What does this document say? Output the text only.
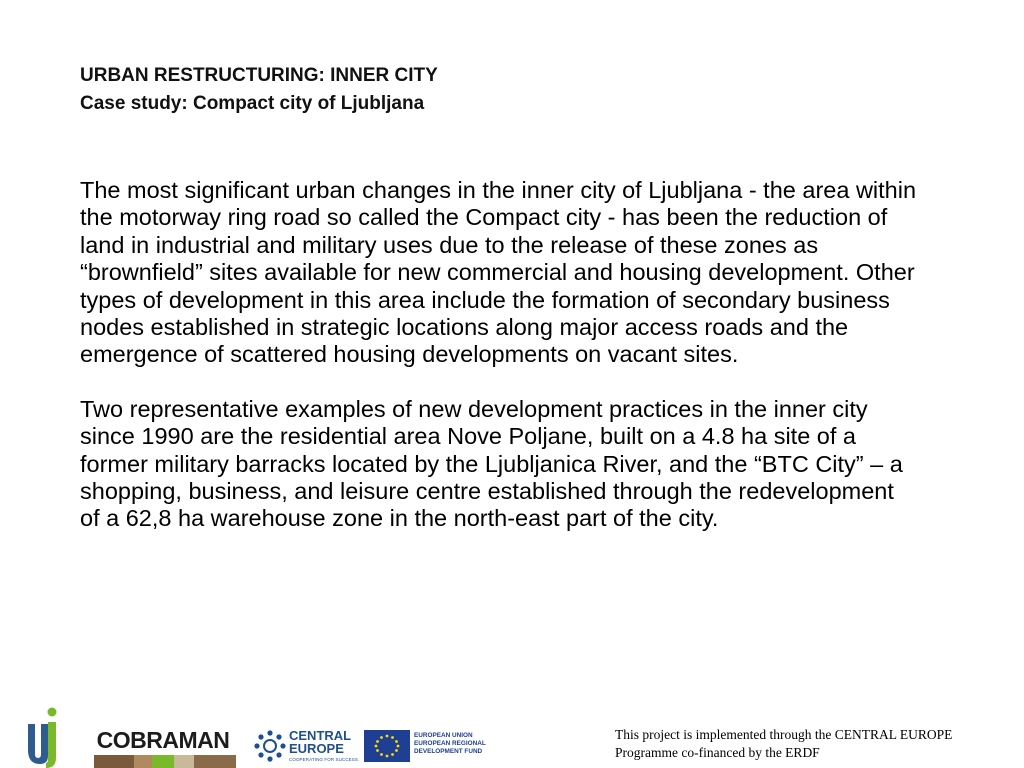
URBAN RESTRUCTURING: INNER CITY
Case study: Compact city of Ljubljana

The most significant urban changes in the inner city of Ljubljana - the area within the motorway ring road so called the Compact city - has been the reduction of land in industrial and military uses due to the release of these zones as “brownfield” sites available for new commercial and housing development. Other types of development in this area include the formation of secondary business nodes established in strategic locations along major access roads and the emergence of scattered housing developments on vacant sites.

Two representative examples of new development practices in the inner city since 1990 are the residential area Nove Poljane, built on a 4.8 ha site of a former military barracks located by the Ljubljanica River, and the “BTC City” – a shopping, business, and leisure centre established through the redevelopment of a 62,8 ha warehouse zone in the north-east part of the city.

COBRAMAN	CENTRAL
EUROPE
COOPERATING FOR SUCCESS.
EUROPEAN UNION
EUROPEAN REGIONAL
DEVELOPMENT FUND
This project is implemented through the CENTRAL EUROPE
Programme co-financed by the ERDF
